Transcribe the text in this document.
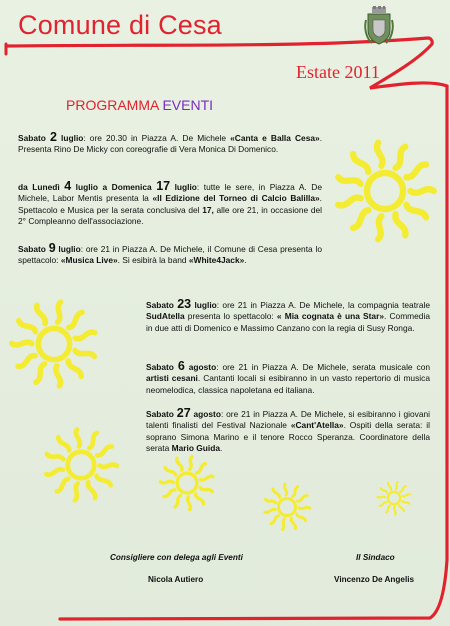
Comune di Cesa
Estate 2011
PROGRAMMA EVENTI
Sabato 2 luglio: ore 20.30 in Piazza A. De Michele «Canta e Balla Cesa». Presenta Rino De Micky con coreografie di Vera Monica Di Domenico.
da Lunedì 4 luglio a Domenica 17 luglio: tutte le sere, in Piazza A. De Michele, Labor Mentis presenta la «II Edizione del Torneo di Calcio Balilla». Spettacolo e Musica per la serata conclusiva del 17, alle ore 21, in occasione del 2° Compleanno dell'associazione.
Sabato 9 luglio: ore 21 in Piazza A. De Michele, il Comune di Cesa presenta lo spettacolo: «Musica Live». Si esibirà la band «White4Jack».
Sabato 23 luglio: ore 21 in Piazza A. De Michele, la compagnia teatrale SudAtella presenta lo spettacolo: « Mia cognata è una Star». Commedia in due atti di Domenico e Massimo Canzano con la regia di Susy Ronga.
Sabato 6 agosto: ore 21 in Piazza A. De Michele, serata musicale con artisti cesani. Cantanti locali si esibiranno in un vasto repertorio di musica neomelodica, classica napoletana ed italiana.
Sabato 27 agosto: ore 21 in Piazza A. De Michele, si esibiranno i giovani talenti finalisti del Festival Nazionale «Cant'Atella». Ospiti della serata: il soprano Simona Marino e il tenore Rocco Speranza. Coordinatore della serata Mario Guida.
Consigliere con delega agli Eventi
Nicola Autiero
Il Sindaco
Vincenzo De Angelis
